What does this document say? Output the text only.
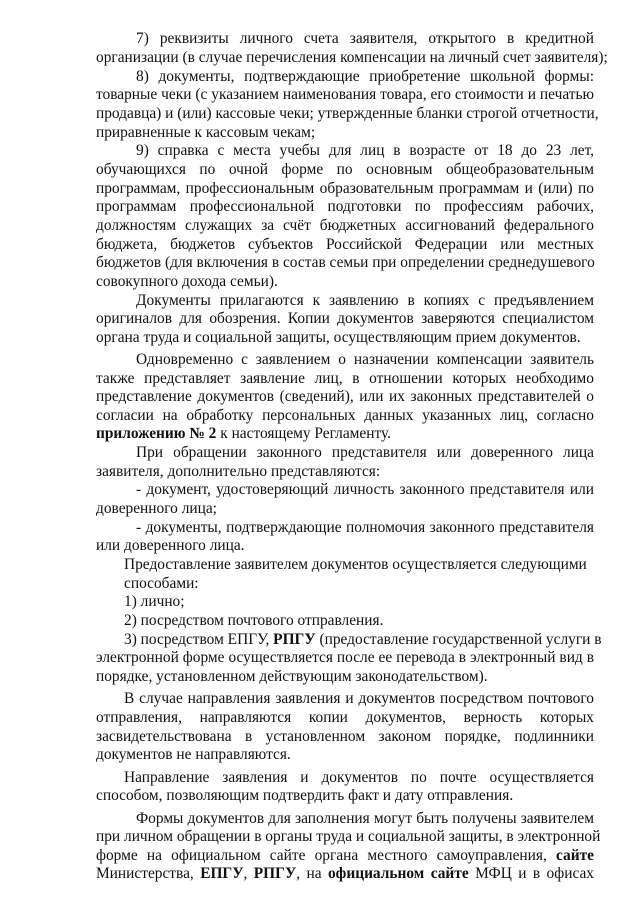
7) реквизиты личного счета заявителя, открытого в кредитной
организации (в случае перечисления компенсации на личный счет заявителя);
8) документы, подтверждающие приобретение школьной формы:
товарные чеки (с указанием наименования товара, его стоимости и печатью
продавца) и (или) кассовые чеки; утвержденные бланки строгой отчетности,
приравненные к кассовым чекам;
9) справка с места учебы для лиц в возрасте от 18 до 23 лет,
обучающихся по очной форме по основным общеобразовательным
программам, профессиональным образовательным программам и (или) по
программам профессиональной подготовки по профессиям рабочих,
должностям служащих за счёт бюджетных ассигнований федерального
бюджета, бюджетов субъектов Российской Федерации или местных
бюджетов (для включения в состав семьи при определении среднедушевого
совокупного дохода семьи).
Документы прилагаются к заявлению в копиях с предъявлением
оригиналов для обозрения. Копии документов заверяются специалистом
органа труда и социальной защиты, осуществляющим прием документов.
Одновременно с заявлением о назначении компенсации заявитель
также представляет заявление лиц, в отношении которых необходимо
представление документов (сведений), или их законных представителей о
согласии на обработку персональных данных указанных лиц, согласно
приложению № 2 к настоящему Регламенту.
При обращении законного представителя или доверенного лица
заявителя, дополнительно представляются:
- документ, удостоверяющий личность законного представителя или
доверенного лица;
- документы, подтверждающие полномочия законного представителя
или доверенного лица.
Предоставление заявителем документов осуществляется следующими
способами:
1) лично;
2) посредством почтового отправления.
3) посредством ЕПГУ, РПГУ (предоставление государственной услуги в
электронной форме осуществляется после ее перевода в электронный вид в
порядке, установленном действующим законодательством).
В случае направления заявления и документов посредством почтового
отправления, направляются копии документов, верность которых
засвидетельствована в установленном законом порядке, подлинники
документов не направляются.
Направление заявления и документов по почте осуществляется
способом, позволяющим подтвердить факт и дату отправления.
Формы документов для заполнения могут быть получены заявителем
при личном обращении в органы труда и социальной защиты, в электронной
форме на официальном сайте органа местного самоуправления, сайте
Министерства, ЕПГУ, РПГУ, на официальном сайте МФЦ и в офисах
